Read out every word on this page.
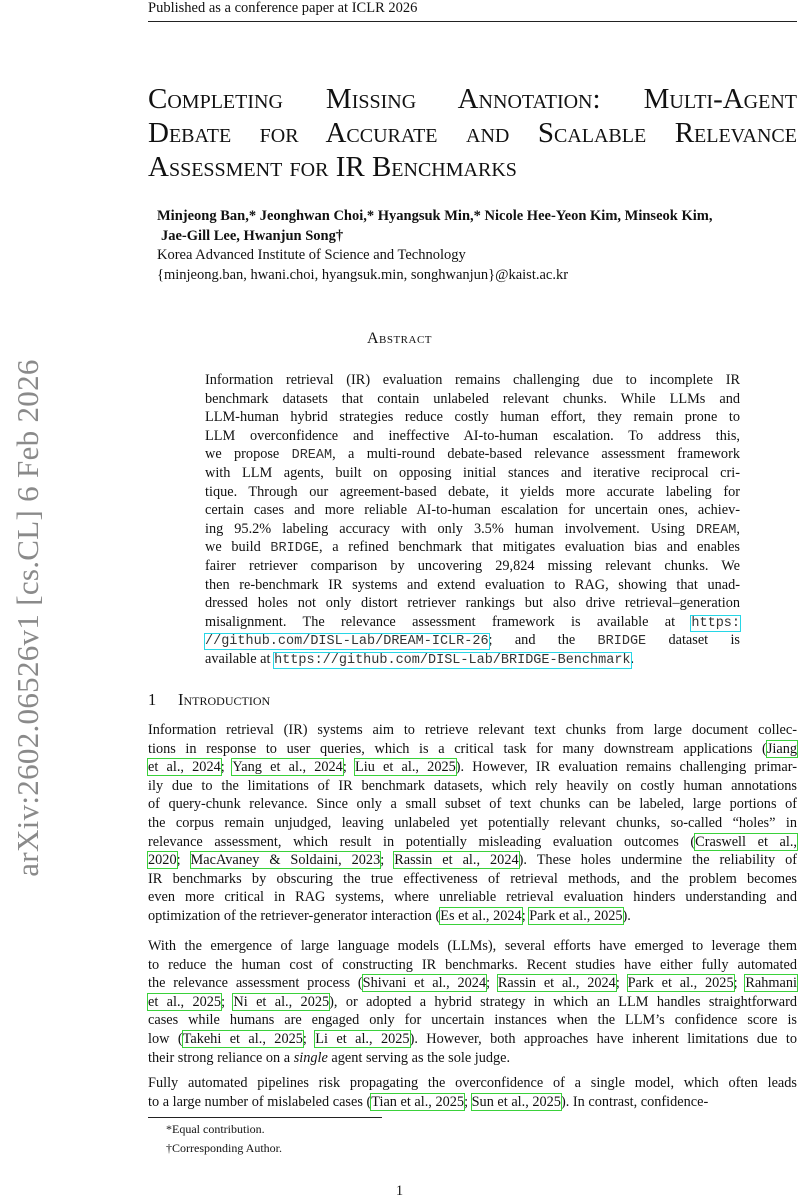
Published as a conference paper at ICLR 2026
arXiv:2602.06526v1 [cs.CL] 6 Feb 2026
Completing Missing Annotation: Multi-Agent
Debate for Accurate and Scalable Relevance
Assessment for IR Benchmarks
Minjeong Ban,* Jeonghwan Choi,* Hyangsuk Min,* Nicole Hee-Yeon Kim, Minseok Kim,
Jae-Gill Lee, Hwanjun Song†
Korea Advanced Institute of Science and Technology
{minjeong.ban, hwani.choi, hyangsuk.min, songhwanjun}@kaist.ac.kr
Abstract
Information retrieval (IR) evaluation remains challenging due to incomplete IR
benchmark datasets that contain unlabeled relevant chunks. While LLMs and
LLM-human hybrid strategies reduce costly human effort, they remain prone to
LLM overconfidence and ineffective AI-to-human escalation. To address this,
we propose DREAM, a multi-round debate-based relevance assessment framework
with LLM agents, built on opposing initial stances and iterative reciprocal cri-
tique. Through our agreement-based debate, it yields more accurate labeling for
certain cases and more reliable AI-to-human escalation for uncertain ones, achiev-
ing 95.2% labeling accuracy with only 3.5% human involvement. Using DREAM,
we build BRIDGE, a refined benchmark that mitigates evaluation bias and enables
fairer retriever comparison by uncovering 29,824 missing relevant chunks. We
then re-benchmark IR systems and extend evaluation to RAG, showing that unad-
dressed holes not only distort retriever rankings but also drive retrieval–generation
misalignment. The relevance assessment framework is available at https:
//github.com/DISL-Lab/DREAM-ICLR-26; and the BRIDGE dataset is
available at https://github.com/DISL-Lab/BRIDGE-Benchmark.
1 Introduction
Information retrieval (IR) systems aim to retrieve relevant text chunks from large document collec-
tions in response to user queries, which is a critical task for many downstream applications (Jiang
et al., 2024; Yang et al., 2024; Liu et al., 2025). However, IR evaluation remains challenging primar-
ily due to the limitations of IR benchmark datasets, which rely heavily on costly human annotations
of query-chunk relevance. Since only a small subset of text chunks can be labeled, large portions of
the corpus remain unjudged, leaving unlabeled yet potentially relevant chunks, so-called “holes” in
relevance assessment, which result in potentially misleading evaluation outcomes (Craswell et al.,
2020; MacAvaney & Soldaini, 2023; Rassin et al., 2024). These holes undermine the reliability of
IR benchmarks by obscuring the true effectiveness of retrieval methods, and the problem becomes
even more critical in RAG systems, where unreliable retrieval evaluation hinders understanding and
optimization of the retriever-generator interaction (Es et al., 2024; Park et al., 2025).
With the emergence of large language models (LLMs), several efforts have emerged to leverage them
to reduce the human cost of constructing IR benchmarks. Recent studies have either fully automated
the relevance assessment process (Shivani et al., 2024; Rassin et al., 2024; Park et al., 2025; Rahmani
et al., 2025; Ni et al., 2025), or adopted a hybrid strategy in which an LLM handles straightforward
cases while humans are engaged only for uncertain instances when the LLM’s confidence score is
low (Takehi et al., 2025; Li et al., 2025). However, both approaches have inherent limitations due to
their strong reliance on a single agent serving as the sole judge.
Fully automated pipelines risk propagating the overconfidence of a single model, which often leads
to a large number of mislabeled cases (Tian et al., 2025; Sun et al., 2025). In contrast, confidence-
*Equal contribution.
†Corresponding Author.
1
